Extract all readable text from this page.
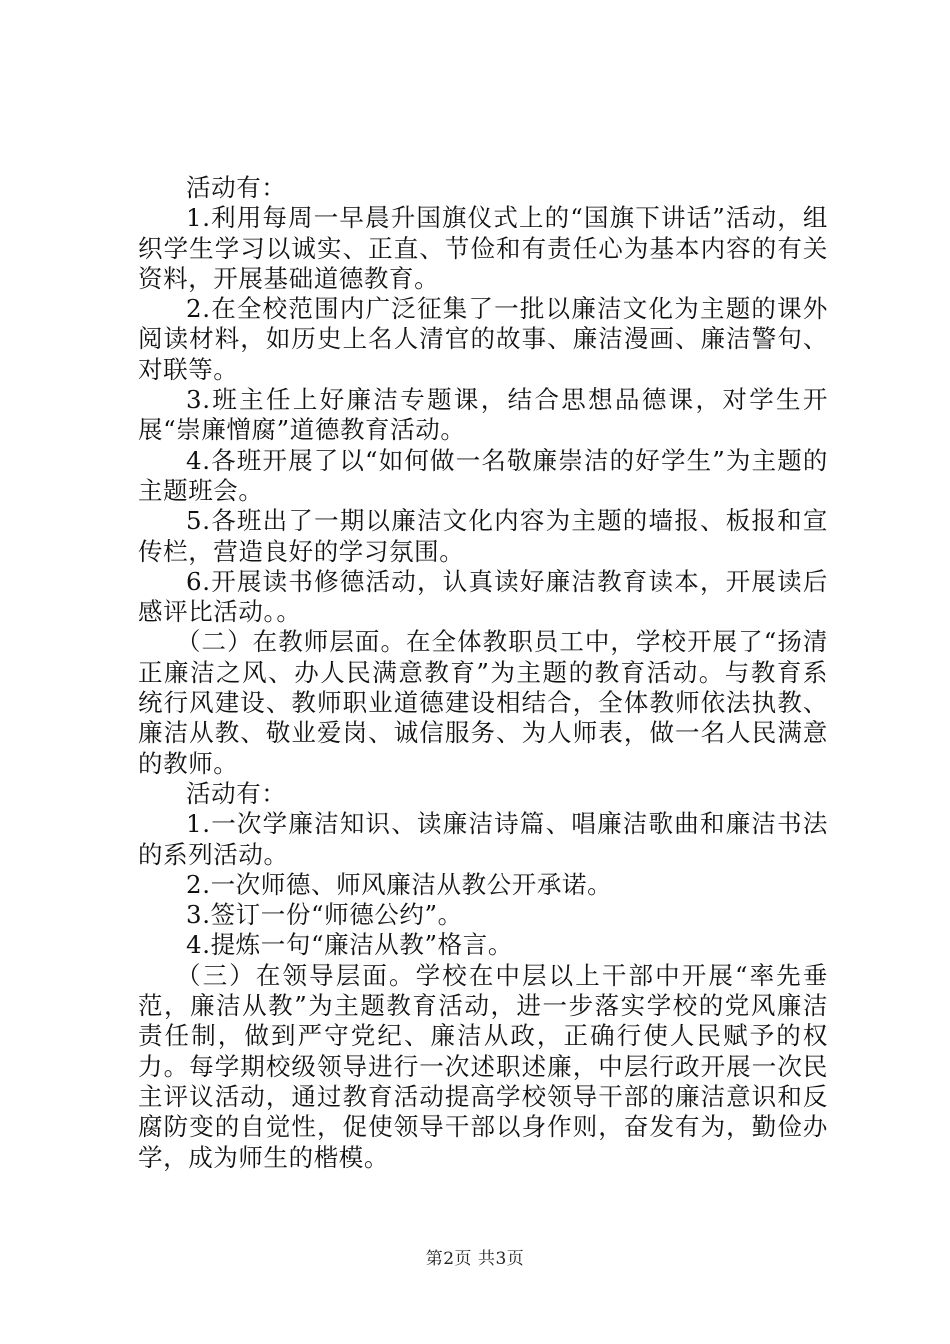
活动有：

1.利用每周一早晨升国旗仪式上的“国旗下讲话”活动，组织学生学习以诚实、正直、节俭和有责任心为基本内容的有关资料，开展基础道德教育。

2.在全校范围内广泛征集了一批以廉洁文化为主题的课外阅读材料，如历史上名人清官的故事、廉洁漫画、廉洁警句、对联等。

3.班主任上好廉洁专题课，结合思想品德课，对学生开展“崇廉憎腐”道德教育活动。

4.各班开展了以“如何做一名敬廉崇洁的好学生”为主题的主题班会。

5.各班出了一期以廉洁文化内容为主题的墙报、板报和宣传栏，营造良好的学习氛围。

6.开展读书修德活动，认真读好廉洁教育读本，开展读后感评比活动。。

（二）在教师层面。在全体教职员工中，学校开展了“扬清正廉洁之风、办人民满意教育”为主题的教育活动。与教育系统行风建设、教师职业道德建设相结合，全体教师依法执教、廉洁从教、敬业爱岗、诚信服务、为人师表，做一名人民满意的教师。

活动有：

1.一次学廉洁知识、读廉洁诗篇、唱廉洁歌曲和廉洁书法的系列活动。

2.一次师德、师风廉洁从教公开承诺。

3.签订一份“师德公约”。

4.提炼一句“廉洁从教”格言。

（三）在领导层面。学校在中层以上干部中开展“率先垂范，廉洁从教”为主题教育活动，进一步落实学校的党风廉洁责任制，做到严守党纪、廉洁从政，正确行使人民赋予的权力。每学期校级领导进行一次述职述廉，中层行政开展一次民主评议活动，通过教育活动提高学校领导干部的廉洁意识和反腐防变的自觉性，促使领导干部以身作则，奋发有为，勤俭办学，成为师生的楷模。

第2页 共3页
